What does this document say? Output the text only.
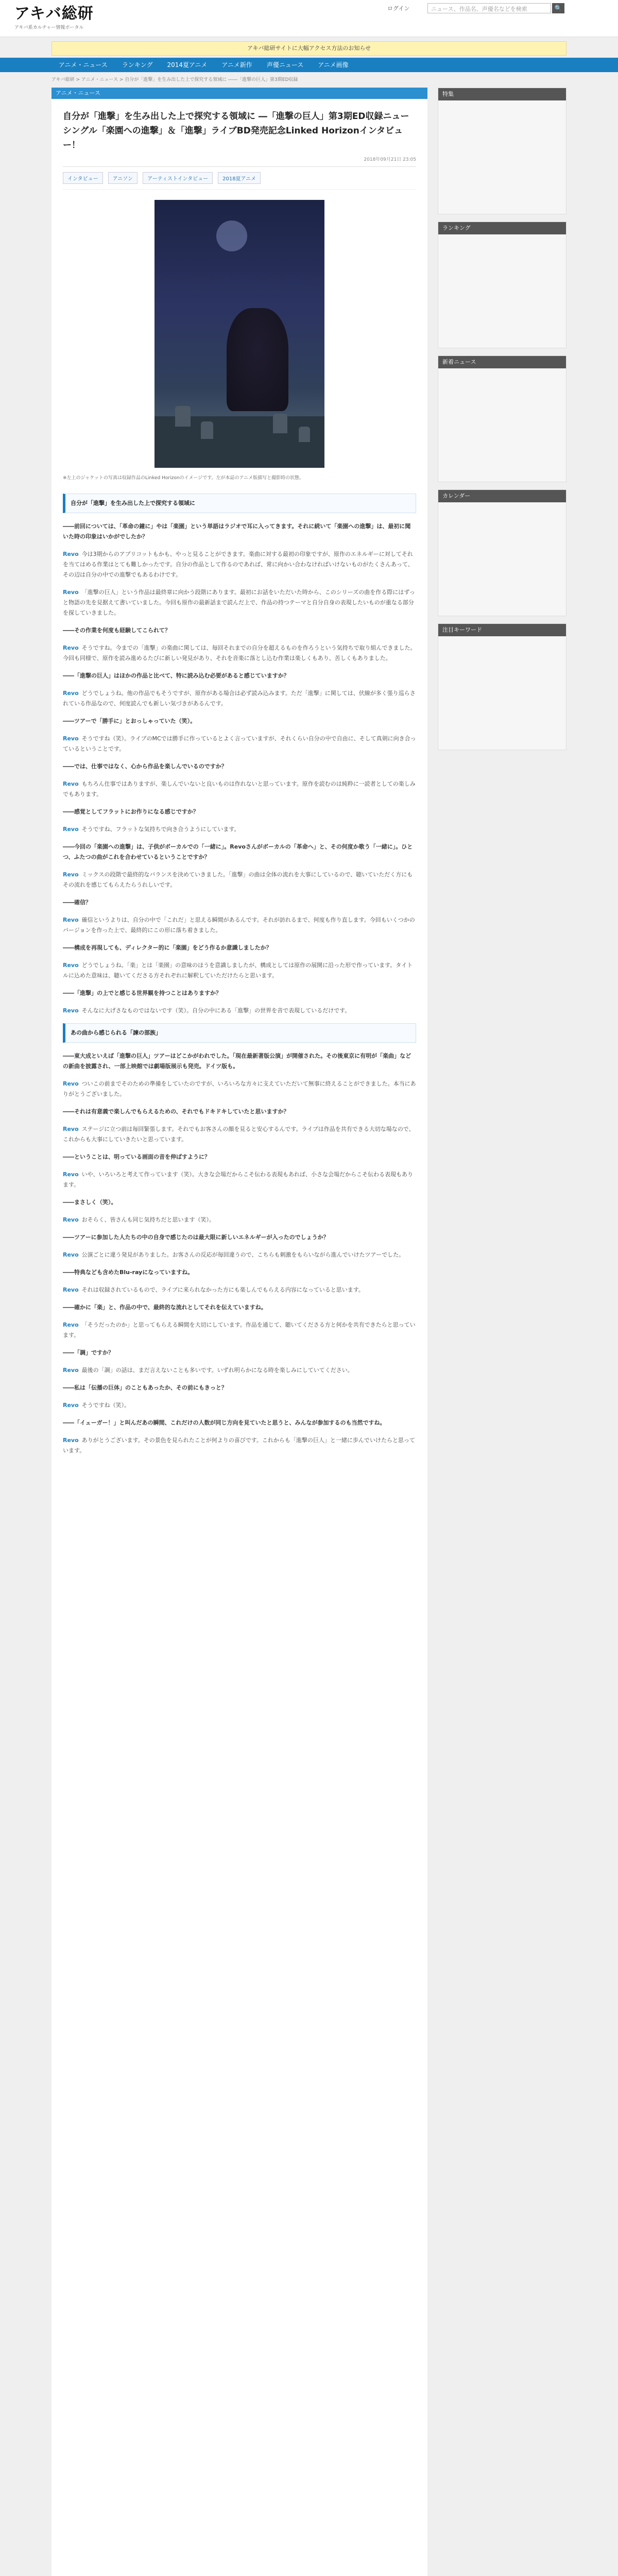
アキバ総研
アキバ系カルチャー情報ポータル
ログイン	ニュース、作品名、声優名などを検索	🔍
アキバ総研サイトに大幅アクセス方法のお知らせ
アニメ・ニュース	ランキング	2014夏アニメ	アニメ新作	声優ニュース	アニメ画像
アキバ総研 > アニメ・ニュース > 自分が「進撃」を生み出した上で探究する領域に ――「進撃の巨人」第3期ED収録
アニメ・ニュース
自分が「進撃」を生み出した上で探究する領域に ―「進撃の巨人」第3期ED収録ニューシングル「楽園への進撃」＆「進撃」ライブBD発売記念Linked Horizonインタビュー！
2018年09月21日 23:05
インタビュー	アニソン	アーティストインタビュー	2018夏アニメ

※左上のジャケットの写真は収録作品のLinked Horizonのイメージです。左が本誌のアニメ版描写と撮影時の状態。

自分が「進撃」を生み出した上で探究する領域に
――前回については、「革命の鐘に」やは「楽園」という単語はラジオで耳に入ってきます。それに続いて「楽園への進撃」は、最初に聞いた時の印象はいかがでしたか？
Revo 今は3期からのアプリコットもかも、やっと見ることができます。楽曲に対する最初の印象ですが、原作のエネルギーに対してそれを当てはめる作業はとても難しかったです。自分の作品として作るのであれば、常に向かい合わなければいけないものがたくさんあって、その辺は自分の中での進撃でもあるわけです。
Revo 「進撃の巨人」という作品は最終章に向かう段階にあります。最初にお話をいただいた時から、このシリーズの曲を作る際にはずっと物語の先を見据えて書いていました。今回も原作の最新話まで読んだ上で、作品の持つテーマと自分自身の表現したいものが重なる部分を探していきました。
――その作業を何度も経験してこられて？
Revo そうですね。今までの「進撃」の楽曲に関しては、毎回それまでの自分を超えるものを作ろうという気持ちで取り組んできました。今回も同様で、原作を読み進めるたびに新しい発見があり、それを音楽に落とし込む作業は楽しくもあり、苦しくもありました。
――「進撃の巨人」はほかの作品と比べて、特に読み込む必要があると感じていますか？
Revo どうでしょうね。他の作品でもそうですが、原作がある場合は必ず読み込みます。ただ「進撃」に関しては、伏線が多く張り巡らされている作品なので、何度読んでも新しい気づきがあるんです。
――ツアーで「勝手に」とおっしゃっていた（笑）。
Revo そうですね（笑）。ライブのMCでは勝手に作っているとよく言っていますが、それくらい自分の中で自由に、そして真剣に向き合っているということです。
――では、仕事ではなく、心から作品を楽しんでいるのですか？
Revo もちろん仕事ではありますが、楽しんでいないと良いものは作れないと思っています。原作を読むのは純粋に一読者としての楽しみでもあります。
――感覚としてフラットにお作りになる感じですか？
Revo そうですね、フラットな気持ちで向き合うようにしています。
――今回の「楽園への進撃」は、子供がボーカルでの「一緒に」。Revoさんがボーカルの「革命へ」と、その何度か歌う「一緒に」。ひとつ、ふたつの曲がこれを合わせているということですか？
Revo ミックスの段階で最終的なバランスを決めていきました。「進撃」の曲は全体の流れを大事にしているので、聴いていただく方にもその流れを感じてもらえたらうれしいです。
――確信？
Revo 確信というよりは、自分の中で「これだ」と思える瞬間があるんです。それが訪れるまで、何度も作り直します。今回もいくつかのバージョンを作った上で、最終的にこの形に落ち着きました。
――構成を再現しても、ディレクター的に「楽園」をどう作るか意識しましたか？
Revo どうでしょうね。「楽」とは「楽園」の意味のほうを意識しましたが、構成としては原作の展開に沿った形で作っています。タイトルに込めた意味は、聴いてくださる方それぞれに解釈していただけたらと思います。
――「進撃」の上でと感じる世界観を持つことはありますか？
Revo そんなに大げさなものではないです（笑）。自分の中にある「進撃」の世界を音で表現しているだけです。
あの曲から感じられる「諫の部族」
――東大成といえば「進撃の巨人」ツアーはどこかがわれでした。「現在最新著版公演」が開催された。その後東京に有明が「楽曲」などの新曲を披露され、一部上映館では劇場版展示も発売。ドイツ版も。
Revo ついこの前までそのための準備をしていたのですが、いろいろな方々に支えていただいて無事に終えることができました。本当にありがとうございました。
――それは有意義で楽しんでもらえるための、それでもドキドキしていたと思いますか？
Revo ステージに立つ前は毎回緊張します。それでもお客さんの顔を見ると安心するんです。ライブは作品を共有できる大切な場なので、これからも大事にしていきたいと思っています。
――ということは、明っている画面の音を伸ばすように？
Revo いや、いろいろと考えて作っています（笑）。大きな会場だからこそ伝わる表現もあれば、小さな会場だからこそ伝わる表現もあります。
――まさしく（笑）。
Revo おそらく、皆さんも同じ気持ちだと思います（笑）。
――ツアーに参加した人たちの中の自身で感じたのは最大限に新しいエネルギーが入ったのでしょうか？
Revo 公演ごとに違う発見がありました。お客さんの反応が毎回違うので、こちらも刺激をもらいながら進んでいけたツアーでした。
――特典なども含めたBlu-rayになっていますね。
Revo それは収録されているもので、ライブに来られなかった方にも楽しんでもらえる内容になっていると思います。
――確かに「楽」と、作品の中で、最終的な流れとしてそれを伝えていますね。
Revo 「そうだったのか」と思ってもらえる瞬間を大切にしています。作品を通じて、聴いてくださる方と何かを共有できたらと思っています。
――「調」ですか？
Revo 最後の「調」の話は、まだ言えないことも多いです。いずれ明らかになる時を楽しみにしていてください。
――私は「伝播の巨体」のこともあったか、その前にもきっと？
Revo そうですね（笑）。
――「イェーガー！」と叫んだあの瞬間、これだけの人数が同じ方向を見ていたと思うと、みんなが参加するのも当然ですね。
Revo ありがとうございます。その景色を見られたことが何よりの喜びです。これからも「進撃の巨人」と一緒に歩んでいけたらと思っています。
特集
ランキング
新着ニュース
カレンダー
注目キーワード
